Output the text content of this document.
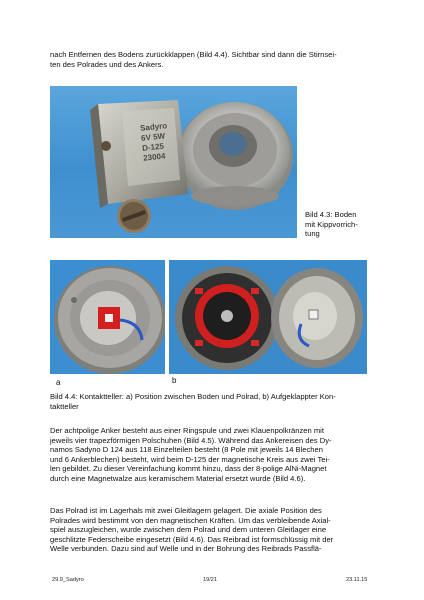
nach Entfernen des Bodens zurückklappen (Bild 4.4). Sichtbar sind dann die Stirnsei-

ten des Polrades und des Ankers.

Sadyro
6V 5W
D-125
23004
Bild 4.3: Boden
mit Kippvorrich-
tung
a	b

Bild 4.4: Kontaktteller: a) Position zwischen Boden und Polrad, b) Aufgeklappter Kon-

taktteller

Der achtpolige Anker besteht aus einer Ringspule und zwei Klauenpolkränzen mit

jeweils vier trapezförmigen Polschuhen (Bild 4.5). Während das Ankereisen des Dy-

namos Sadyno D 124 aus 118 Einzelteilen besteht (8 Pole mit jeweils 14 Blechen

und 6 Ankerblechen) besteht, wird beim D-125 der magnetische Kreis aus zwei Tei-

len gebildet. Zu dieser Vereinfachung kommt hinzu, dass der 8-polige AlNi-Magnet

durch eine Magnetwalze aus keramischem Material ersetzt wurde (Bild 4.6).

Das Polrad ist im Lagerhals mit zwei Gleitlagern gelagert. Die axiale Position des

Polrades wird bestimmt von den magnetischen Kräften. Um das verbleibende Axial-

spiel auszugleichen, wurde zwischen dem Polrad und dem unteren Gleitlager eine

geschlitzte Federscheibe eingesetzt (Bild 4.6). Das Reibrad ist formschlüssig mit der

Welle verbunden. Dazu sind auf Welle und in der Bohrung des Reibrads Passflä-

29.9_Sadyro	19/21	23.11.15
